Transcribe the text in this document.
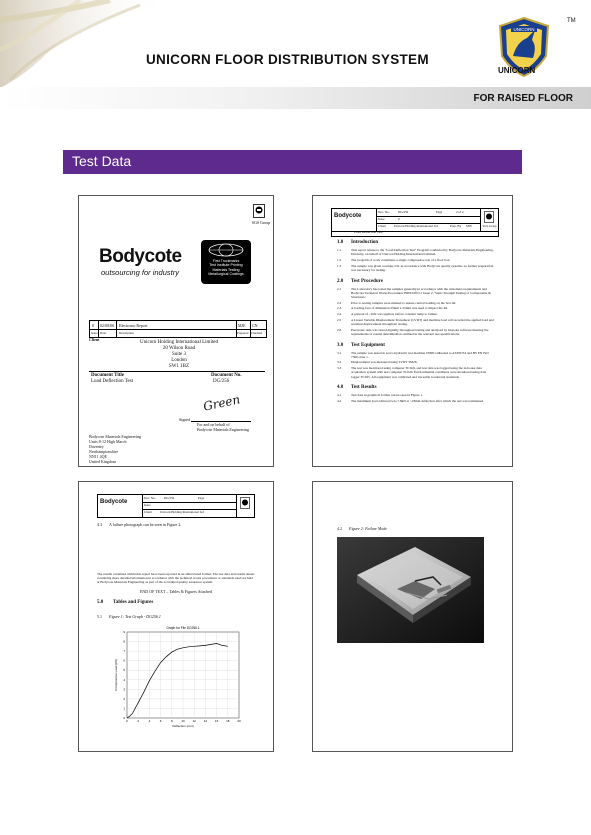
UNICORN FLOOR DISTRIBUTION SYSTEM
UNICORN
TM
UNICORN
FOR RAISED FLOOR
Test Data
SGS Group
Bodycote
outsourcing for industry
First Truckmarks
Test Institute Printing
Materials Testing
Metallurgical Coatings
0 02/08/06 Electronic Report	MJE CN
Issue Date	Description	Prepared Checked
Client
Unicorn Holding International Limited
20 Wilson Road
Suite 3
London
SW1 1BZ
Document Title
Load Deflection Test
Document No.
DG/256
Green
Signed
For and on behalf of
Bodycote Materials Engineering
Bodycote Materials Engineering
Units 8-12 High March
Daventry
Northamptonshire
NN11 4QE
United Kingdom
Bodycote
Doc. No.	DG/256	Page	2 of 4
Issue	0
Client	Unicorn Holding International Ltd	Prep. By MJE	SGS Group
Load Deflection Test
1.0 Introduction
1.1	This report relates to the "Load Deflection Test" Program conducted by Bodycote Materials Engineering, Daventry, on behalf of Unicorn Holding International Limited.
1.2	The program of work constitutes a single compressive test of a floor box.
1.3	The sample was given a unique I.D. in accordance with Bodycote quality systems, no further preparation was necessary for testing.
2.0 Test Procedure
2.1	The Laboratory has tested the samples generally in accordance with the customers requirements and Bodycote Technical Works Procedures BMT-DW/11 Issue 2, 'Static Strength Testing of Components & Structures'.
2.2	Prior to testing samples were marked to ensure central loading on the box lid.
2.3	A loading face of dimension 25mm x 25mm was used to impact the lid.
2.4	A preload of ~1kN was applied, before constant ramp to failure.
2.5	A Linear Variable Displacement Transducer (LVDT) and machine load cell recorded the applied load and resultant displacement throughout testing.
2.6	Electronic data was stored digitally throughout testing and analysed by bespoke software meeting the requirements of results determination outlined in the relevant test specifications.
3.0 Test Equipment
3.1	The sample was tested in servo-hydraulic test machine TD98 calibrated to ASTM E4 and BS EN ISO 7500 class 1.
3.2	Displacement was measured using LVDT TM26.
3.3	The test was monitored using computer TC0o6, and test data was logged using the in-house data acquisition system with test computer TC029. Environmental conditions were monitored using data logger TC025. All equipment was calibrated and traceable to national standards.
4.0 Test Results
4.1	Test data in graphical format can be seen in Figure 1.
4.2	The maximum load achieved was 7.8kN at ~18mm deflection after which the test was terminated.
Bodycote
Doc. No.	DG/256	Page
Issue
Client	Unicorn Holding International Ltd
4.3 A failure photograph can be seen in Figure 2.
The results contained within this report have been reported in an abbreviated format. The test data and results sheets containing more detailed information in accordance with the technical works procedures or standards used are held at Bodycote Materials Engineering as part of the accredited quality assurance system.
END OF TEXT – Tables & Figures Attached
5.0 Tables and Figures
5.1 Figure 1: Test Graph - DG256.1
0
1
2
3
4
5
6
7
8
9
0	2	4	6	8	10	12	14	16	18	20
Graph for File DG256.1
Deflection (mm)
Compressive Load (kN)
4.2 Figure 2: Failure Mode
